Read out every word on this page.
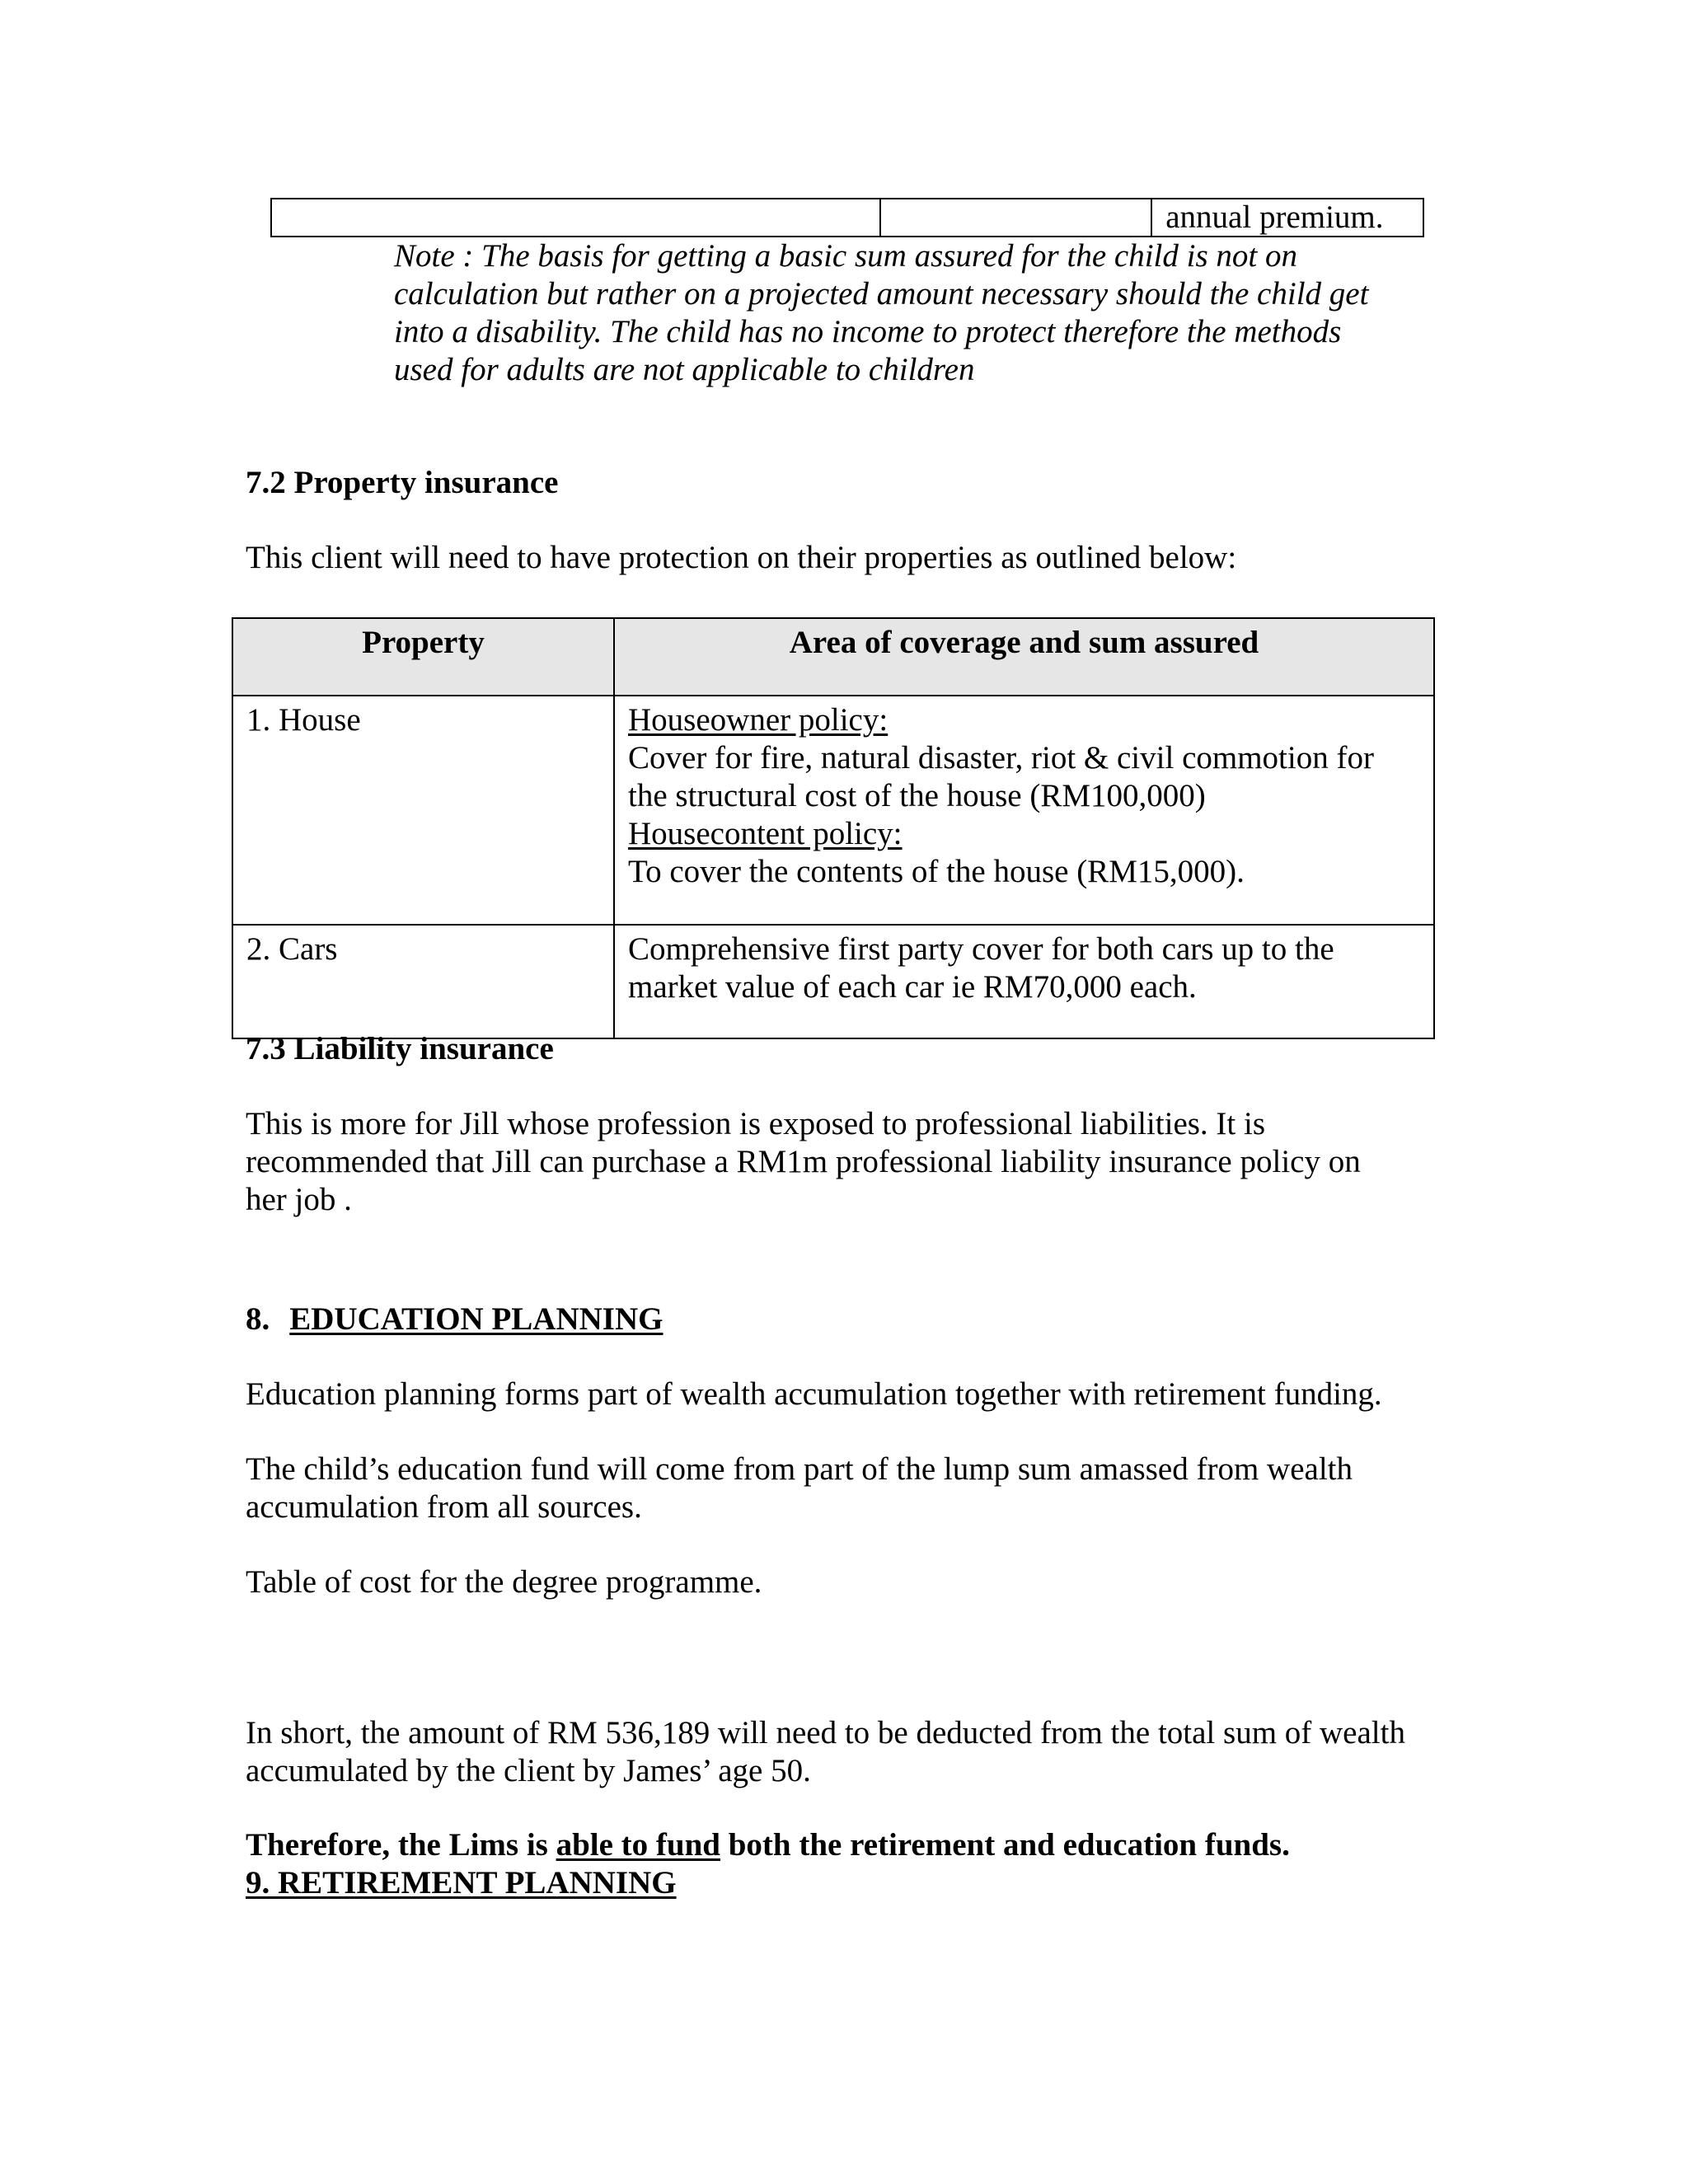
		annual premium.
Note : The basis for getting a basic sum assured for the child is not on
calculation but rather on a projected amount necessary should the child get
into a disability. The child has no income to protect therefore the methods
used for adults are not applicable to children
7.2 Property insurance
This client will need to have protection on their properties as outlined below:
Property	Area of coverage and sum assured
1. House	Houseowner policy:
Cover for fire, natural disaster, riot & civil commotion for
the structural cost of the house (RM100,000)
Housecontent policy:
To cover the contents of the house (RM15,000).

2. Cars	Comprehensive first party cover for both cars up to the
market value of each car ie RM70,000 each.
7.3 Liability insurance
This is more for Jill whose profession is exposed to professional liabilities. It is
recommended that Jill can purchase a RM1m professional liability insurance policy on
her job .
8. EDUCATION PLANNING
Education planning forms part of wealth accumulation together with retirement funding.
The child’s education fund will come from part of the lump sum amassed from wealth
accumulation from all sources.
Table of cost for the degree programme.
In short, the amount of RM 536,189 will need to be deducted from the total sum of wealth
accumulated by the client by James’ age 50.
Therefore, the Lims is able to fund both the retirement and education funds.
9. RETIREMENT PLANNING
